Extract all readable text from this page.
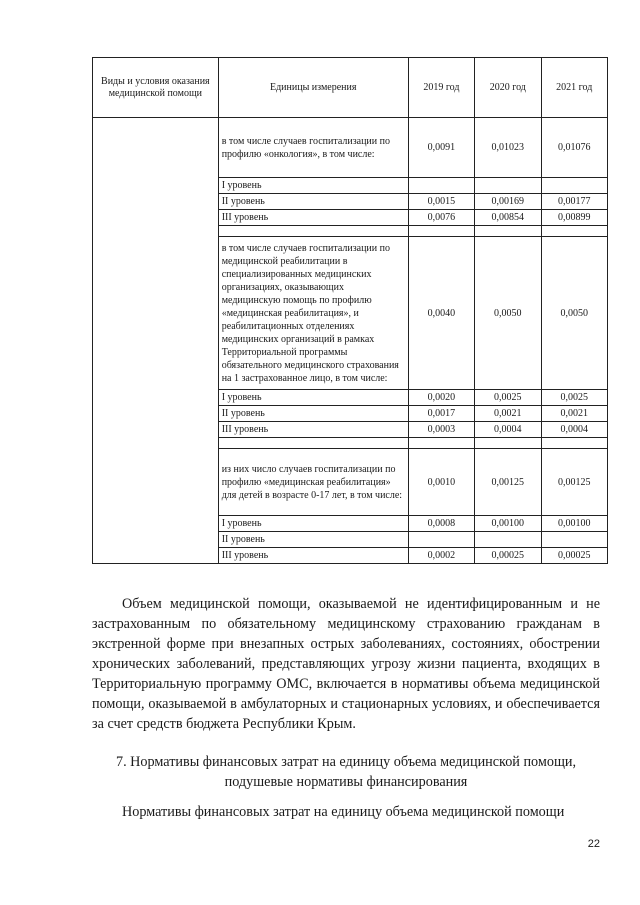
Виды и условия оказания медицинской помощи	Единицы измерения	2019 год	2020 год	2021 год
	в том числе случаев госпитализации по профилю «онкология», в том числе:	0,0091	0,01023	0,01076
	I уровень			
	II уровень	0,0015	0,00169	0,00177
	III уровень	0,0076	0,00854	0,00899

	в том числе случаев госпитализации по медицинской реабилитации в специализированных медицинских организациях, оказывающих медицинскую помощь по профилю «медицинская реабилитация», и реабилитационных отделениях медицинских организаций в рамках Территориальной программы обязательного медицинского страхования на 1 застрахованное лицо, в том числе:	0,0040	0,0050	0,0050
	I уровень	0,0020	0,0025	0,0025
	II уровень	0,0017	0,0021	0,0021
	III уровень	0,0003	0,0004	0,0004

	из них число случаев госпитализации по профилю «медицинская реабилитация» для детей в возрасте 0-17 лет, в том числе:	0,0010	0,00125	0,00125
	I уровень	0,0008	0,00100	0,00100
	II уровень			
	III уровень	0,0002	0,00025	0,00025

Объем медицинской помощи, оказываемой не идентифицированным и не застрахованным по обязательному медицинскому страхованию гражданам в экстренной форме при внезапных острых заболеваниях, состояниях, обострении хронических заболеваний, представляющих угрозу жизни пациента, входящих в Территориальную программу ОМС, включается в нормативы объема медицинской помощи, оказываемой в амбулаторных и стационарных условиях, и обеспечивается за счет средств бюджета Республики Крым.

7. Нормативы финансовых затрат на единицу объема медицинской помощи, подушевые нормативы финансирования

Нормативы финансовых затрат на единицу объема медицинской помощи

22
